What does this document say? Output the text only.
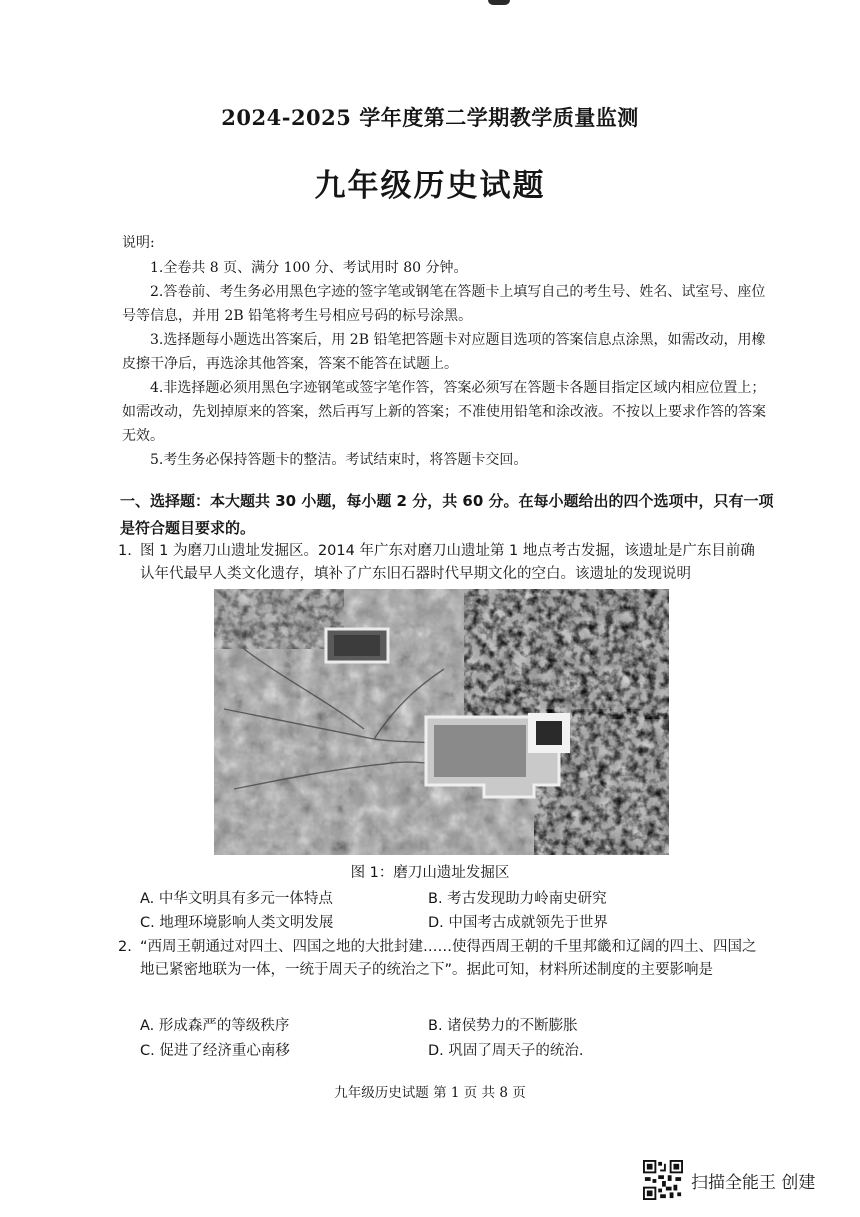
2024-2025 学年度第二学期教学质量监测
九年级历史试题
说明:

1.全卷共 8 页、满分 100 分、考试用时 80 分钟。

2.答卷前、考生务必用黑色字迹的签字笔或钢笔在答题卡上填写自己的考生号、姓名、试室号、座位号等信息，并用 2B 铅笔将考生号相应号码的标号涂黑。

3.选择题每小题选出答案后，用 2B 铅笔把答题卡对应题目选项的答案信息点涂黑，如需改动，用橡皮擦干净后，再选涂其他答案，答案不能答在试题上。

4.非选择题必须用黑色字迹钢笔或签字笔作答，答案必须写在答题卡各题目指定区域内相应位置上；如需改动，先划掉原来的答案，然后再写上新的答案；不准使用铅笔和涂改液。不按以上要求作答的答案无效。

5.考生务必保持答题卡的整洁。考试结束时，将答题卡交回。

一、选择题：本大题共 30 小题，每小题 2 分，共 60 分。在每小题给出的四个选项中，只有一项是符合题目要求的。
1. 图 1 为磨刀山遗址发掘区。2014 年广东对磨刀山遗址第 1 地点考古发掘，该遗址是广东目前确认年代最早人类文化遗存，填补了广东旧石器时代早期文化的空白。该遗址的发现说明
图 1：磨刀山遗址发掘区
A. 中华文明具有多元一体特点	B. 考古发现助力岭南史研究
C. 地理环境影响人类文明发展	D. 中国考古成就领先于世界
2. “西周王朝通过对四土、四国之地的大批封建……使得西周王朝的千里邦畿和辽阔的四土、四国之地已紧密地联为一体，一统于周天子的统治之下”。据此可知，材料所述制度的主要影响是
A. 形成森严的等级秩序	B. 诸侯势力的不断膨胀
C. 促进了经济重心南移	D. 巩固了周天子的统治.
九年级历史试题 第 1 页 共 8 页
扫描全能王 创建
